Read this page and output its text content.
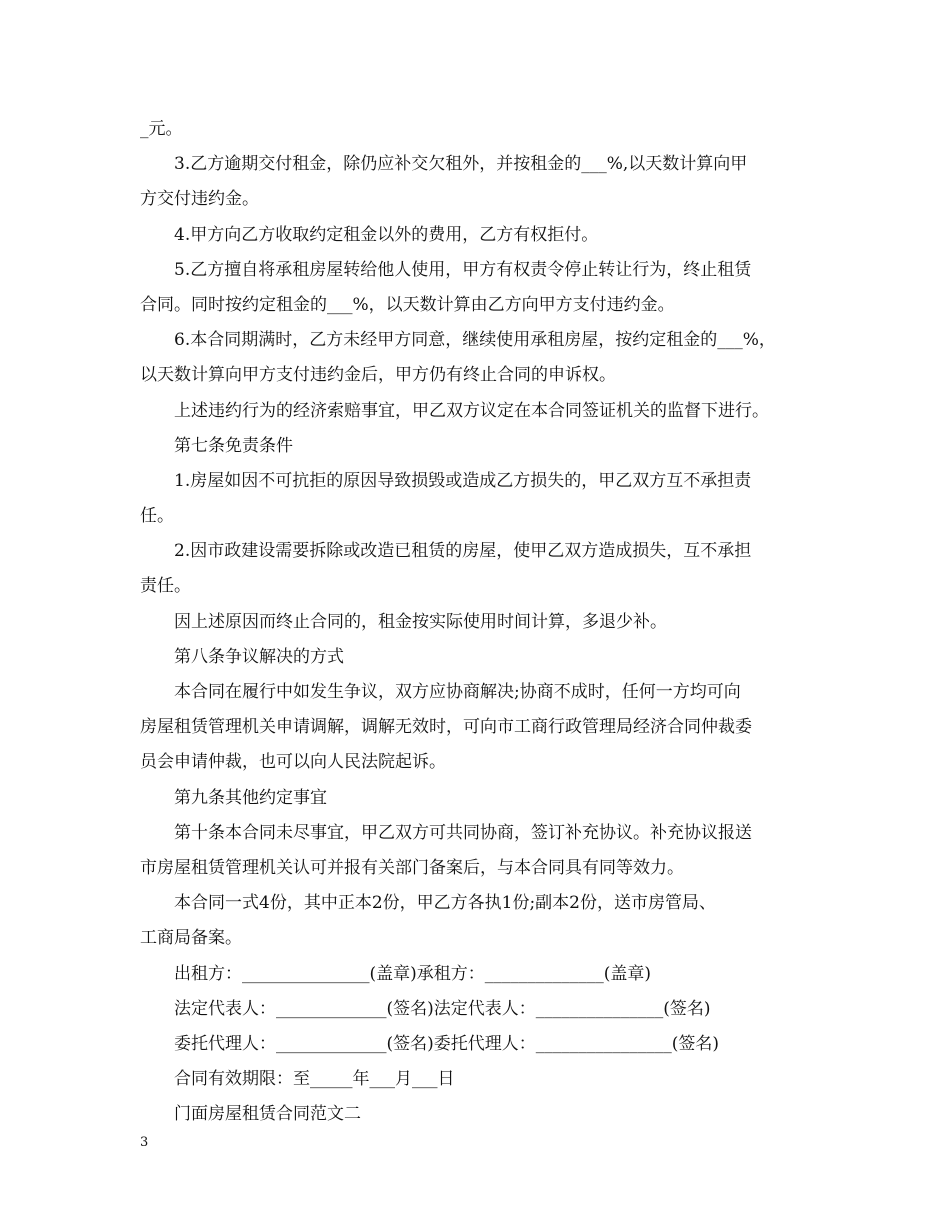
_元。
3.乙方逾期交付租金，除仍应补交欠租外，并按租金的___%,以天数计算向甲
方交付违约金。
4.甲方向乙方收取约定租金以外的费用，乙方有权拒付。
5.乙方擅自将承租房屋转给他人使用，甲方有权责令停止转让行为，终止租赁
合同。同时按约定租金的___%，以天数计算由乙方向甲方支付违约金。
6.本合同期满时，乙方未经甲方同意，继续使用承租房屋，按约定租金的___%，
以天数计算向甲方支付违约金后，甲方仍有终止合同的申诉权。
上述违约行为的经济索赔事宜，甲乙双方议定在本合同签证机关的监督下进行。
第七条免责条件
1.房屋如因不可抗拒的原因导致损毁或造成乙方损失的，甲乙双方互不承担责
任。
2.因市政建设需要拆除或改造已租赁的房屋，使甲乙双方造成损失，互不承担
责任。
因上述原因而终止合同的，租金按实际使用时间计算，多退少补。
第八条争议解决的方式
本合同在履行中如发生争议，双方应协商解决;协商不成时，任何一方均可向
房屋租赁管理机关申请调解，调解无效时，可向市工商行政管理局经济合同仲裁委
员会申请仲裁，也可以向人民法院起诉。
第九条其他约定事宜
第十条本合同未尽事宜，甲乙双方可共同协商，签订补充协议。补充协议报送
市房屋租赁管理机关认可并报有关部门备案后，与本合同具有同等效力。
本合同一式4份，其中正本2份，甲乙方各执1份;副本2份，送市房管局、
工商局备案。
出租方：_______________(盖章)承租方：______________(盖章)
法定代表人：_____________(签名)法定代表人：_______________(签名)
委托代理人：_____________(签名)委托代理人：________________(签名)
合同有效期限：至_____年___月___日
门面房屋租赁合同范文二
3
